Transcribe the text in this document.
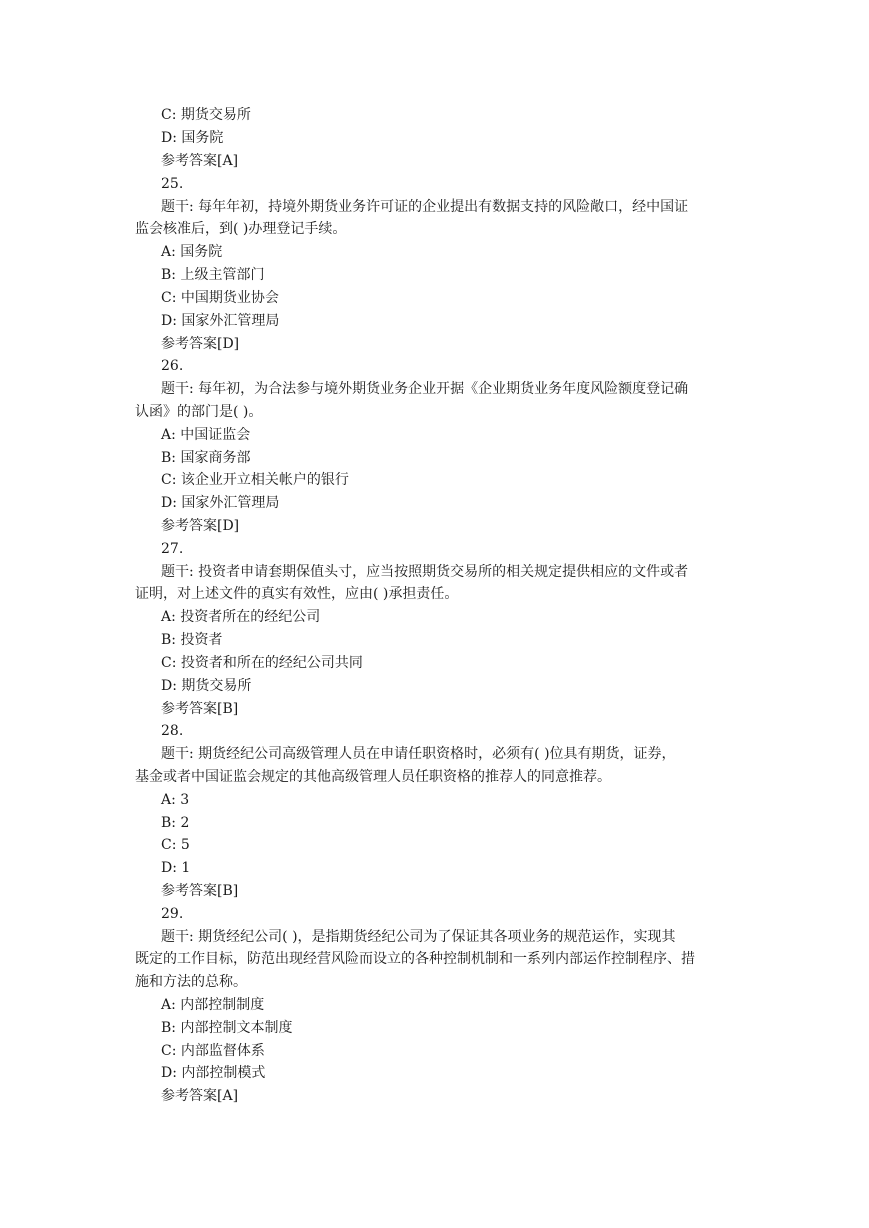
C: 期货交易所

D: 国务院

参考答案[A]

25.

题干: 每年年初，持境外期货业务许可证的企业提出有数据支持的风险敞口，经中国证

监会核准后，到( )办理登记手续。

A: 国务院

B: 上级主管部门

C: 中国期货业协会

D: 国家外汇管理局

参考答案[D]

26.

题干: 每年初，为合法参与境外期货业务企业开据《企业期货业务年度风险额度登记确

认函》的部门是( )。

A: 中国证监会

B: 国家商务部

C: 该企业开立相关帐户的银行

D: 国家外汇管理局

参考答案[D]

27.

题干: 投资者申请套期保值头寸，应当按照期货交易所的相关规定提供相应的文件或者

证明，对上述文件的真实有效性，应由( )承担责任。

A: 投资者所在的经纪公司

B: 投资者

C: 投资者和所在的经纪公司共同

D: 期货交易所

参考答案[B]

28.

题干: 期货经纪公司高级管理人员在申请任职资格时，必须有( )位具有期货，证券，

基金或者中国证监会规定的其他高级管理人员任职资格的推荐人的同意推荐。

A: 3

B: 2

C: 5

D: 1

参考答案[B]

29.

题干: 期货经纪公司( )，是指期货经纪公司为了保证其各项业务的规范运作，实现其

既定的工作目标，防范出现经营风险而设立的各种控制机制和一系列内部运作控制程序、措

施和方法的总称。

A: 内部控制制度

B: 内部控制文本制度

C: 内部监督体系

D: 内部控制模式

参考答案[A]
